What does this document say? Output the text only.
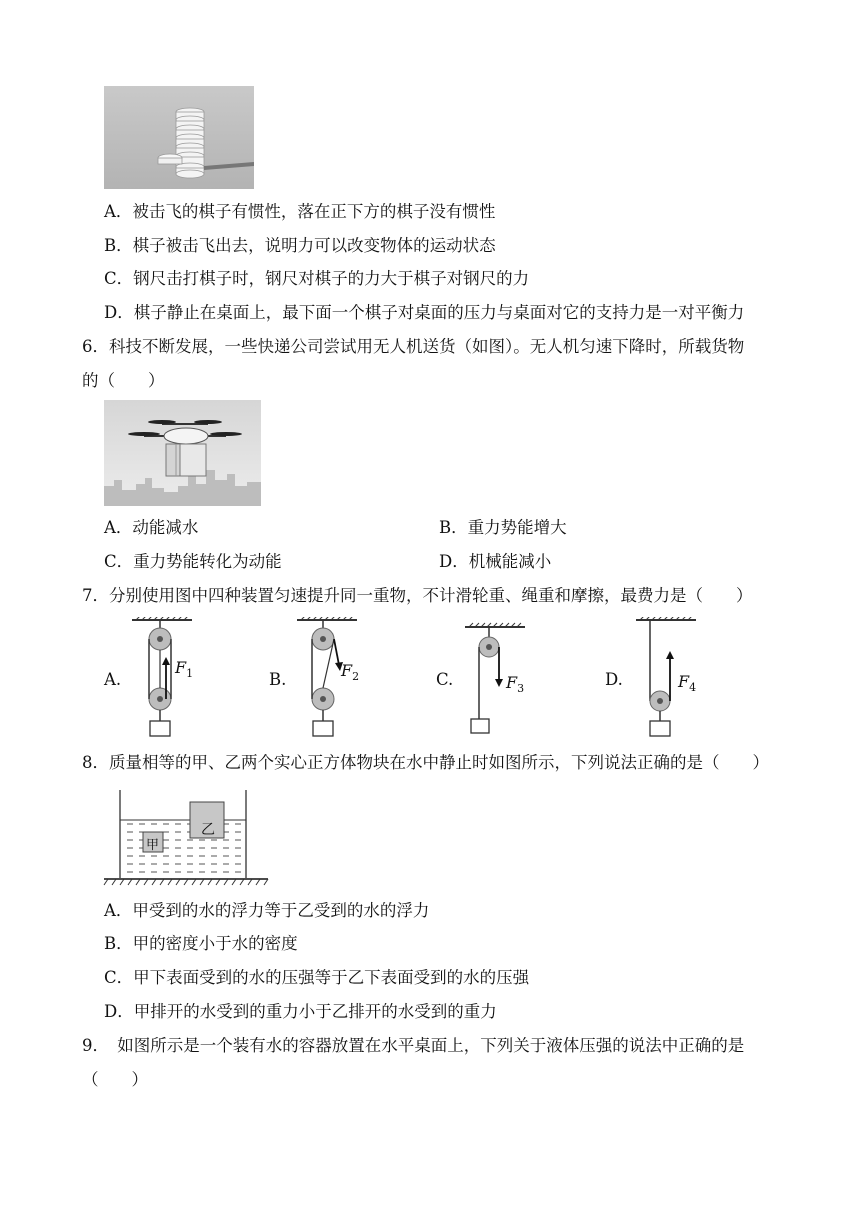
A．被击飞的棋子有惯性，落在正下方的棋子没有惯性
B．棋子被击飞出去，说明力可以改变物体的运动状态
C．钢尺击打棋子时，钢尺对棋子的力大于棋子对钢尺的力
D．棋子静止在桌面上，最下面一个棋子对桌面的压力与桌面对它的支持力是一对平衡力
6．科技不断发展，一些快递公司尝试用无人机送货（如图）。无人机匀速下降时，所载货物
的（　　）
A．动能减水	B．重力势能增大
C．重力势能转化为动能	D．机械能减小
7．分别使用图中四种装置匀速提升同一重物，不计滑轮重、绳重和摩擦，最费力是（　　）
A.	B.	C.	D.
$F_1$	$F_2$	$F_3$	$F_4$
8．质量相等的甲、乙两个实心正方体物块在水中静止时如图所示，下列说法正确的是（　　）
甲
乙
A．甲受到的水的浮力等于乙受到的水的浮力
B．甲的密度小于水的密度
C．甲下表面受到的水的压强等于乙下表面受到的水的压强
D．甲排开的水受到的重力小于乙排开的水受到的重力
9．　如图所示是一个装有水的容器放置在水平桌面上，下列关于液体压强的说法中正确的是
（　　）
